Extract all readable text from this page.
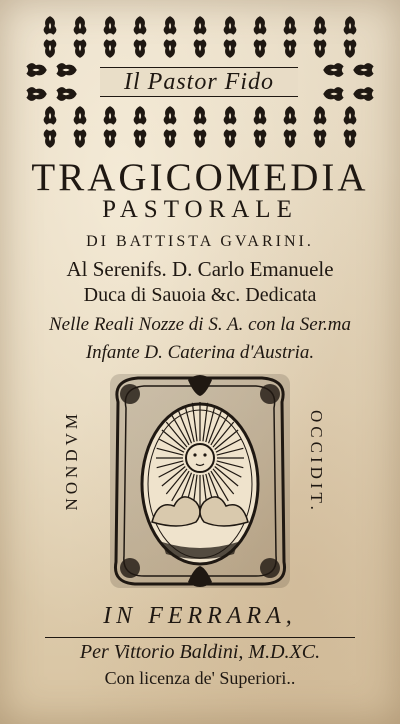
Il Pastor Fido
TRAGICOMEDIA
PASTORALE
DI BATTISTA GVARINI.
Al Serenifs. D. Carlo Emanuele
Duca di Sauoia &c. Dedicata
Nelle Reali Nozze di S. A. con la Ser.ma
Infante D. Caterina d'Austria.
NONDVM	OCCIDIT.
IN FERRARA,
Per Vittorio Baldini, M.D.XC.
Con licenza de' Superiori..
